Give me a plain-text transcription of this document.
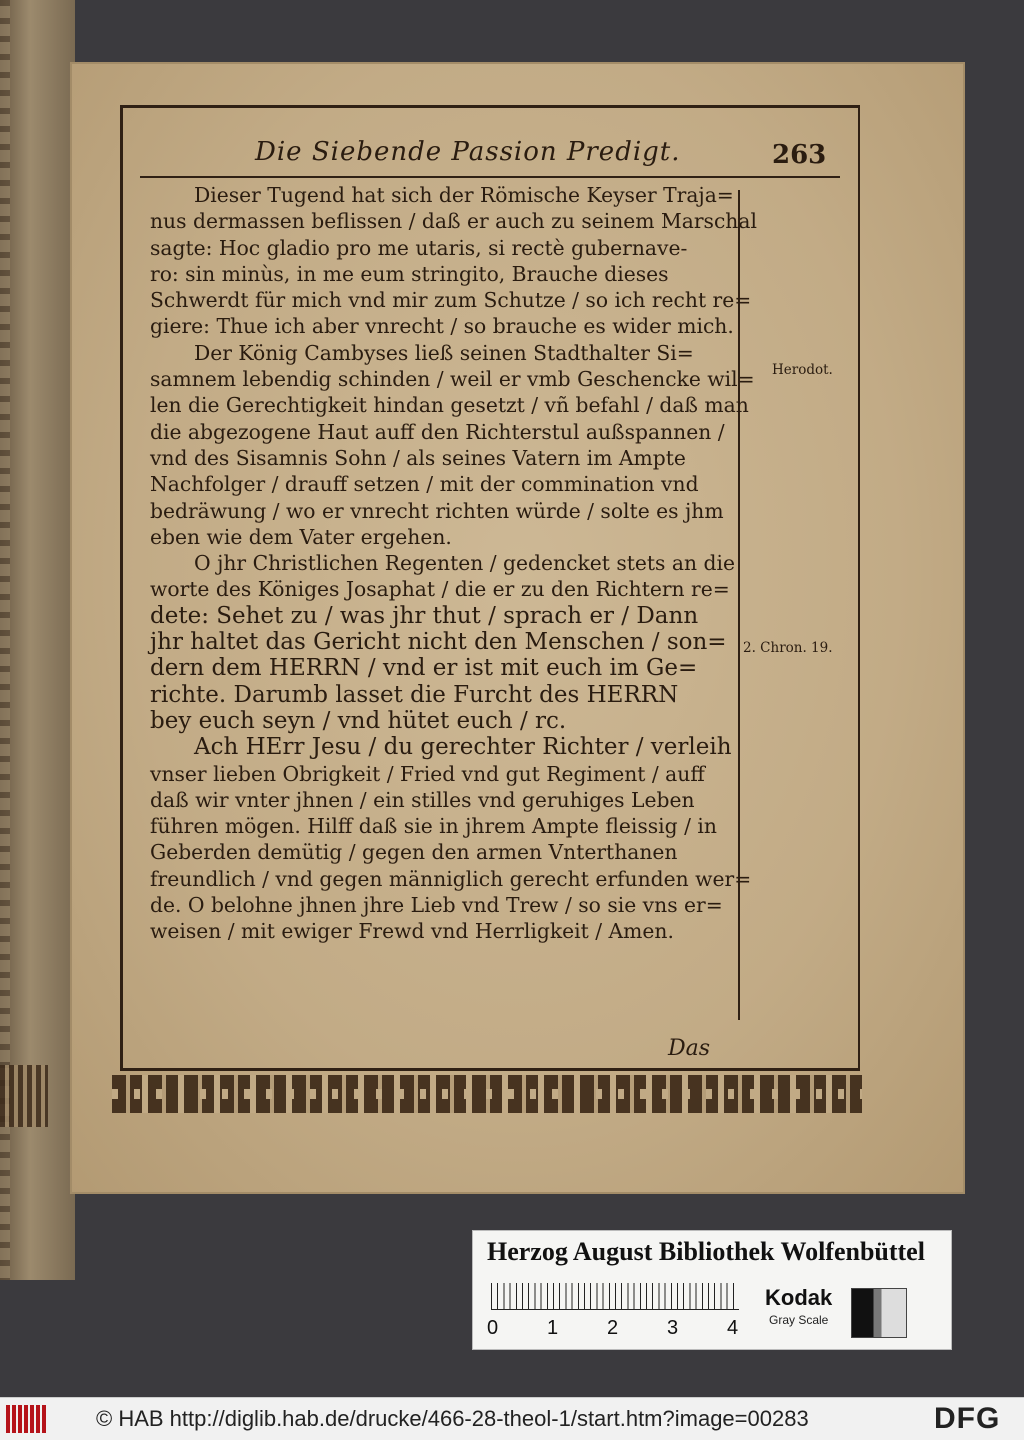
Die Siebende Passion Predigt.	263
Dieser Tugend hat sich der Römische Keyser Traja=
nus dermassen beflissen / daß er auch zu seinem Marschal
sagte: Hoc gladio pro me utaris, si rectè gubernave-
ro: sin minùs, in me eum stringito, Brauche dieses
Schwerdt für mich vnd mir zum Schutze / so ich recht re=
giere: Thue ich aber vnrecht / so brauche es wider mich.
Der König Cambyses ließ seinen Stadthalter Si=
samnem lebendig schinden / weil er vmb Geschencke wil=
len die Gerechtigkeit hindan gesetzt / vñ befahl / daß man
die abgezogene Haut auff den Richterstul außspannen /
vnd des Sisamnis Sohn / als seines Vatern im Ampte
Nachfolger / drauff setzen / mit der commination vnd
bedräwung / wo er vnrecht richten würde / solte es jhm
eben wie dem Vater ergehen.
O jhr Christlichen Regenten / gedencket stets an die
worte des Königes Josaphat / die er zu den Richtern re=
dete: Sehet zu / was jhr thut / sprach er / Dann
jhr haltet das Gericht nicht den Menschen / son=
dern dem HERRN / vnd er ist mit euch im Ge=
richte. Darumb lasset die Furcht des HERRN
bey euch seyn / vnd hütet euch / rc.
Ach HErr Jesu / du gerechter Richter / verleih
vnser lieben Obrigkeit / Fried vnd gut Regiment / auff
daß wir vnter jhnen / ein stilles vnd geruhiges Leben
führen mögen. Hilff daß sie in jhrem Ampte fleissig / in
Geberden demütig / gegen den armen Vnterthanen
freundlich / vnd gegen männiglich gerecht erfunden wer=
de. O belohne jhnen jhre Lieb vnd Trew / so sie vns er=
weisen / mit ewiger Frewd vnd Herrligkeit / Amen.
Herodot.
2. Chron. 19.
Das
Herzog August Bibliothek Wolfenbüttel
0 1 2 3 4
Kodak
Gray Scale
© HAB http://diglib.hab.de/drucke/466-28-theol-1/start.htm?image=00283	DFG
